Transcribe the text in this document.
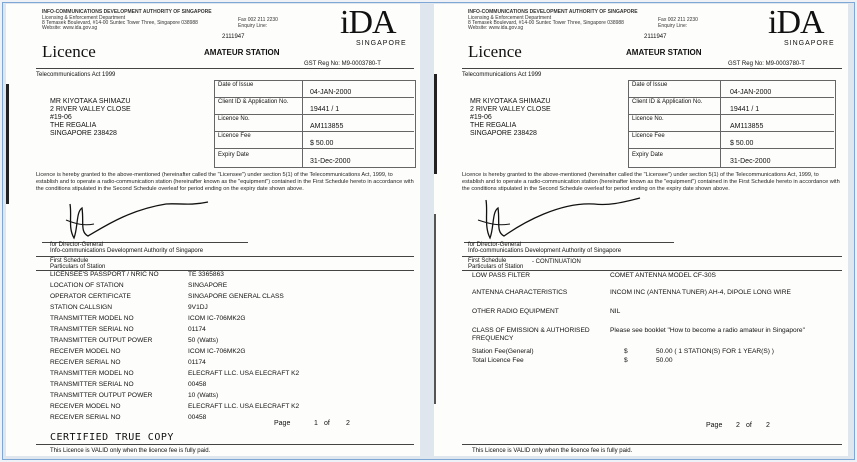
INFO-COMMUNICATIONS DEVELOPMENT AUTHORITY OF SINGAPORE
Licensing & Enforcement Department
8 Temasek Boulevard, #14-00 Suntec Tower Three, Singapore 038988
Website: www.ida.gov.sg
Fax 002 211 2230
Enquiry Line:
2111947	iDA
SINGAPORE
Licence	AMATEUR STATION
GST Reg No: M9-0003780-T
Telecommunications Act 1999
MR KIYOTAKA SHIMAZU
2 RIVER VALLEY CLOSE
#19-06
THE REGALIA
SINGAPORE 238428
Date of Issue
04-JAN-2000
Client ID & Application No.
19441 / 1
Licence No.
AM113855
Licence Fee
$ 50.00
Expiry Date
31-Dec-2000
Licence is hereby granted to the above-mentioned (hereinafter called the "Licensee") under section 5(1) of the Telecommunications Act, 1999, to establish and to operate a radio-communication station (hereinafter known as the "equipment") contained in the First Schedule hereto in accordance with the conditions stipulated in the Second Schedule overleaf for period ending on the expiry date shown above.
for Director-General
Info-communications Development Authority of Singapore
First Schedule
Particulars of Station
LICENSEE'S PASSPORT / NRIC NO	TE 3365863
LOCATION OF STATION	SINGAPORE
OPERATOR CERTIFICATE	SINGAPORE GENERAL CLASS
STATION CALLSIGN	9V1DJ
TRANSMITTER MODEL NO	ICOM IC-706MK2G
TRANSMITTER SERIAL NO	01174
TRANSMITTER OUTPUT POWER	50 (Watts)
RECEIVER MODEL NO	ICOM IC-706MK2G
RECEIVER SERIAL NO	01174
TRANSMITTER MODEL NO	ELECRAFT LLC. USA ELECRAFT K2
TRANSMITTER SERIAL NO	00458
TRANSMITTER OUTPUT POWER	10 (Watts)
RECEIVER MODEL NO	ELECRAFT LLC. USA ELECRAFT K2
RECEIVER SERIAL NO	00458
Page	1 of 2
CERTIFIED TRUE COPY
This Licence is VALID only when the licence fee is fully paid.
INFO-COMMUNICATIONS DEVELOPMENT AUTHORITY OF SINGAPORE
Licensing & Enforcement Department
8 Temasek Boulevard, #14-00 Suntec Tower Three, Singapore 038988
Website: www.ida.gov.sg
Fax 002 211 2230
Enquiry Line:
2111947	iDA
SINGAPORE
Licence	AMATEUR STATION
GST Reg No: M9-0003780-T
Telecommunications Act 1999
MR KIYOTAKA SHIMAZU
2 RIVER VALLEY CLOSE
#19-06
THE REGALIA
SINGAPORE 238428
Date of Issue
04-JAN-2000
Client ID & Application No.
19441 / 1
Licence No.
AM113855
Licence Fee
$ 50.00
Expiry Date
31-Dec-2000
Licence is hereby granted to the above-mentioned (hereinafter called the "Licensee") under section 5(1) of the Telecommunications Act, 1999, to establish and to operate a radio-communication station (hereinafter known as the "equipment") contained in the First Schedule hereto in accordance with the conditions stipulated in the Second Schedule overleaf for period ending on the expiry date shown above.
for Director-General
Info-communications Development Authority of Singapore
First Schedule	- CONTINUATION
Particulars of Station
LOW PASS FILTER	COMET ANTENNA MODEL CF-30S
ANTENNA CHARACTERISTICS	INCOM INC (ANTENNA TUNER) AH-4, DIPOLE LONG WIRE
OTHER RADIO EQUIPMENT	NIL
CLASS OF EMISSION & AUTHORISED	Please see booklet "How to become a radio amateur in Singapore"
FREQUENCY
Station Fee(General)	$	50.00 ( 1 STATION(S) FOR 1 YEAR(S) )
Total Licence Fee	$	50.00
Page 2 of 2
This Licence is VALID only when the licence fee is fully paid.
